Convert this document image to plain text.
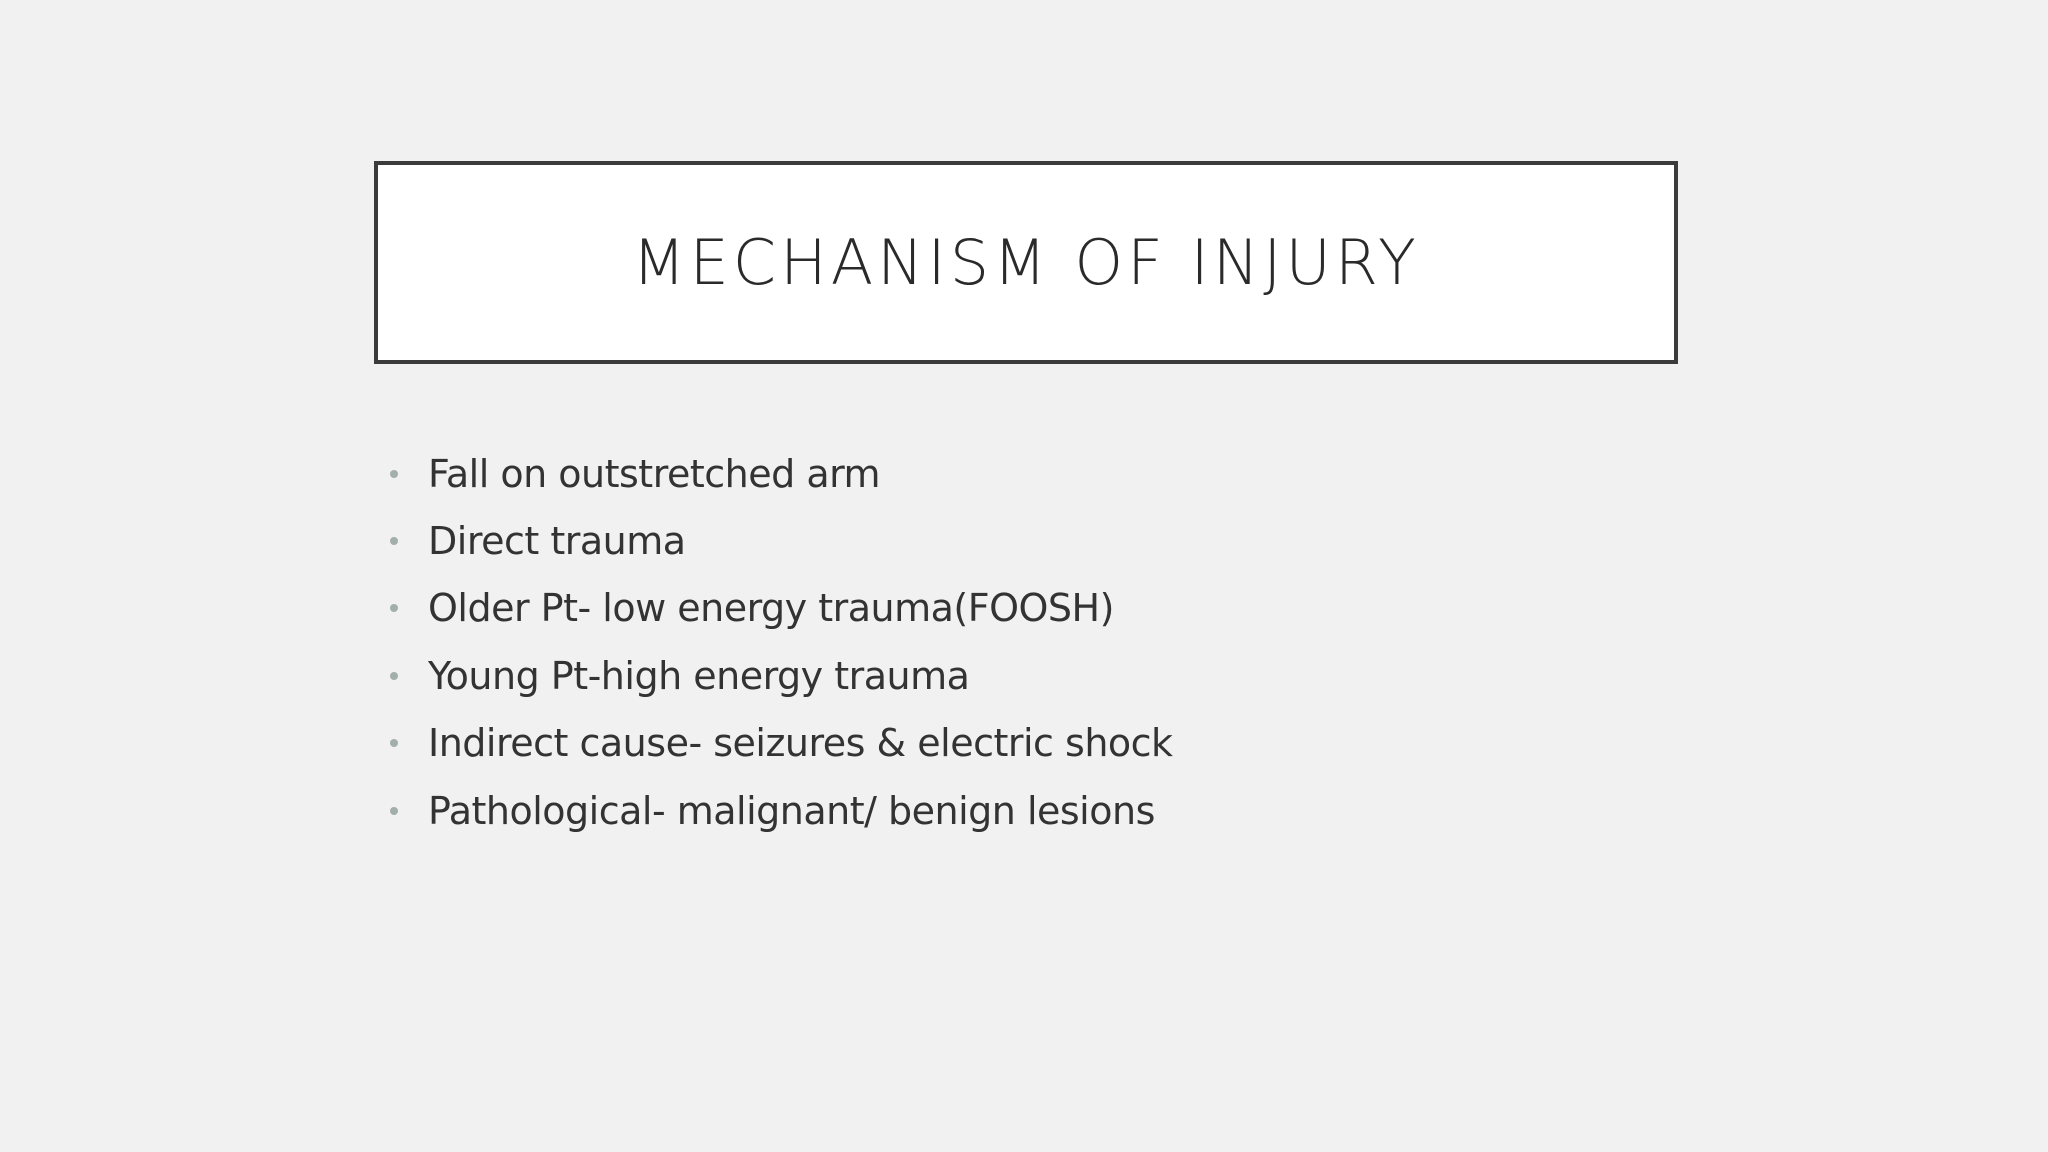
MECHANISM OF INJURY
Fall on outstretched arm
Direct trauma
Older Pt- low energy trauma(FOOSH)
Young Pt-high energy trauma
Indirect cause- seizures & electric shock
Pathological- malignant/ benign lesions
